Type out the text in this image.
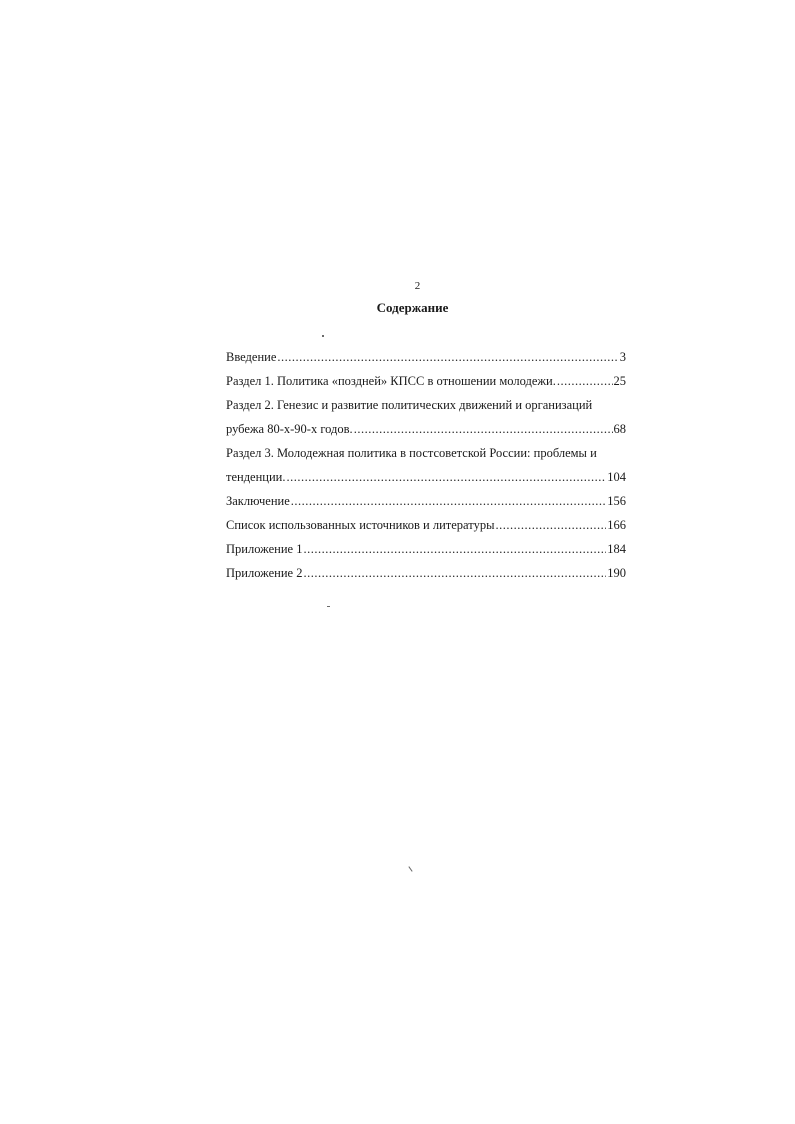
2
Содержание
Введение .....	3
Раздел 1. Политика «поздней» КПСС в отношении молодежи. .....	25
Раздел 2. Генезис и развитие политических движений и организаций
рубежа 80-х-90-х годов. .....	68
Раздел 3. Молодежная политика в постсоветской России: проблемы и
тенденции. .....	104
Заключение .....	156
Список использованных источников и литературы .....	166
Приложение 1 .....	184
Приложение 2 .....	190
